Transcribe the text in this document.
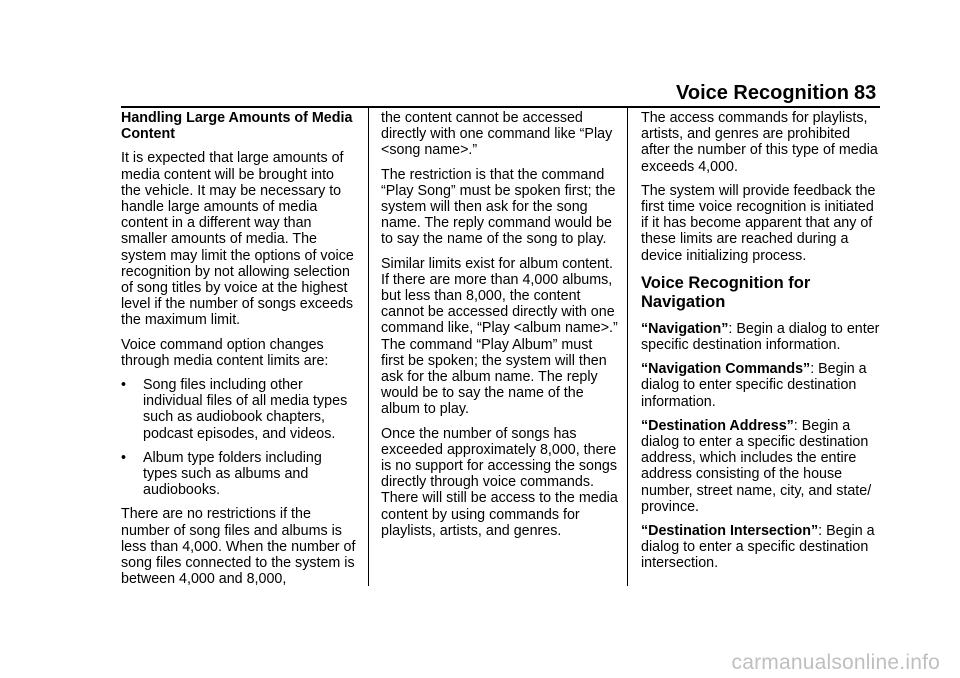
Voice Recognition 83

Handling Large Amounts of Media Content

It is expected that large amounts of media content will be brought into the vehicle. It may be necessary to handle large amounts of media content in a different way than smaller amounts of media. The system may limit the options of voice recognition by not allowing selection of song titles by voice at the highest level if the number of songs exceeds the maximum limit.

Voice command option changes through media content limits are:

• Song files including other individual files of all media types such as audiobook chapters, podcast episodes, and videos.
• Album type folders including types such as albums and audiobooks.

There are no restrictions if the number of song files and albums is less than 4,000. When the number of song files connected to the system is between 4,000 and 8,000,

the content cannot be accessed directly with one command like “Play <song name>.”

The restriction is that the command “Play Song” must be spoken first; the system will then ask for the song name. The reply command would be to say the name of the song to play.

Similar limits exist for album content. If there are more than 4,000 albums, but less than 8,000, the content cannot be accessed directly with one command like, “Play <album name>.” The command “Play Album” must first be spoken; the system will then ask for the album name. The reply would be to say the name of the album to play.

Once the number of songs has exceeded approximately 8,000, there is no support for accessing the songs directly through voice commands. There will still be access to the media content by using commands for playlists, artists, and genres.

The access commands for playlists, artists, and genres are prohibited after the number of this type of media exceeds 4,000.

The system will provide feedback the first time voice recognition is initiated if it has become apparent that any of these limits are reached during a device initializing process.

Voice Recognition for Navigation

“Navigation”: Begin a dialog to enter specific destination information.

“Navigation Commands”: Begin a dialog to enter specific destination information.

“Destination Address”: Begin a dialog to enter a specific destination address, which includes the entire address consisting of the house number, street name, city, and state/ province.

“Destination Intersection”: Begin a dialog to enter a specific destination intersection.

carmanualsonline.info
